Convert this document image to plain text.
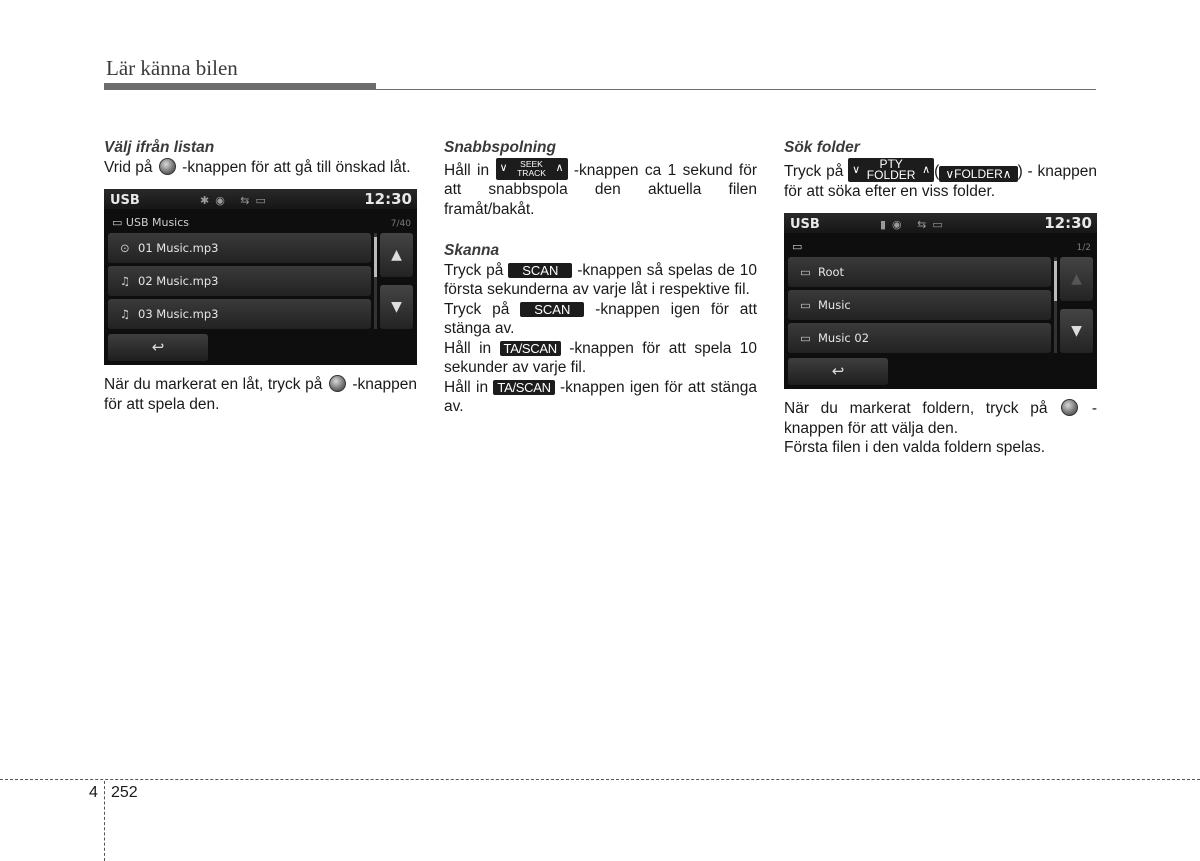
Lär känna bilen

Välj ifrån listan

Vrid på -knappen för att gå till önskad låt.

USB	✱◉ ⇆▭	12:30
▭ USB Musics	7/40
⊙ 01 Music.mp3
♫ 02 Music.mp3
♫ 03 Music.mp3
▲
▼
↩

När du markerat en låt, tryck på -knappen för att spela den.

Snabbspolning

Håll in ∨	SEEK
TRACK ∧ -knappen ca 1 sekund för att snabbspola den aktuella filen framåt/bakåt.

Skanna

Tryck på SCAN -knappen så spelas de 10 första sekunderna av varje låt i respektive fil.

Tryck på SCAN -knappen igen för att stänga av.

Håll in TA/SCAN -knappen för att spela 10 sekunder av varje fil.

Håll in TA/SCAN -knappen igen för att stänga av.

Sök folder

Tryck på ∨	PTY
FOLDER ∧ ( ∨FOLDER∧ ) - knappen för att söka efter en viss folder.

USB	▮◉ ⇆▭	12:30
▭	1/2
▭ Root
▭ Music
▭ Music 02
▲
▼
↩

När du markerat foldern, tryck på	-knappen för att välja den.

Första filen i den valda foldern spelas.

4 252
